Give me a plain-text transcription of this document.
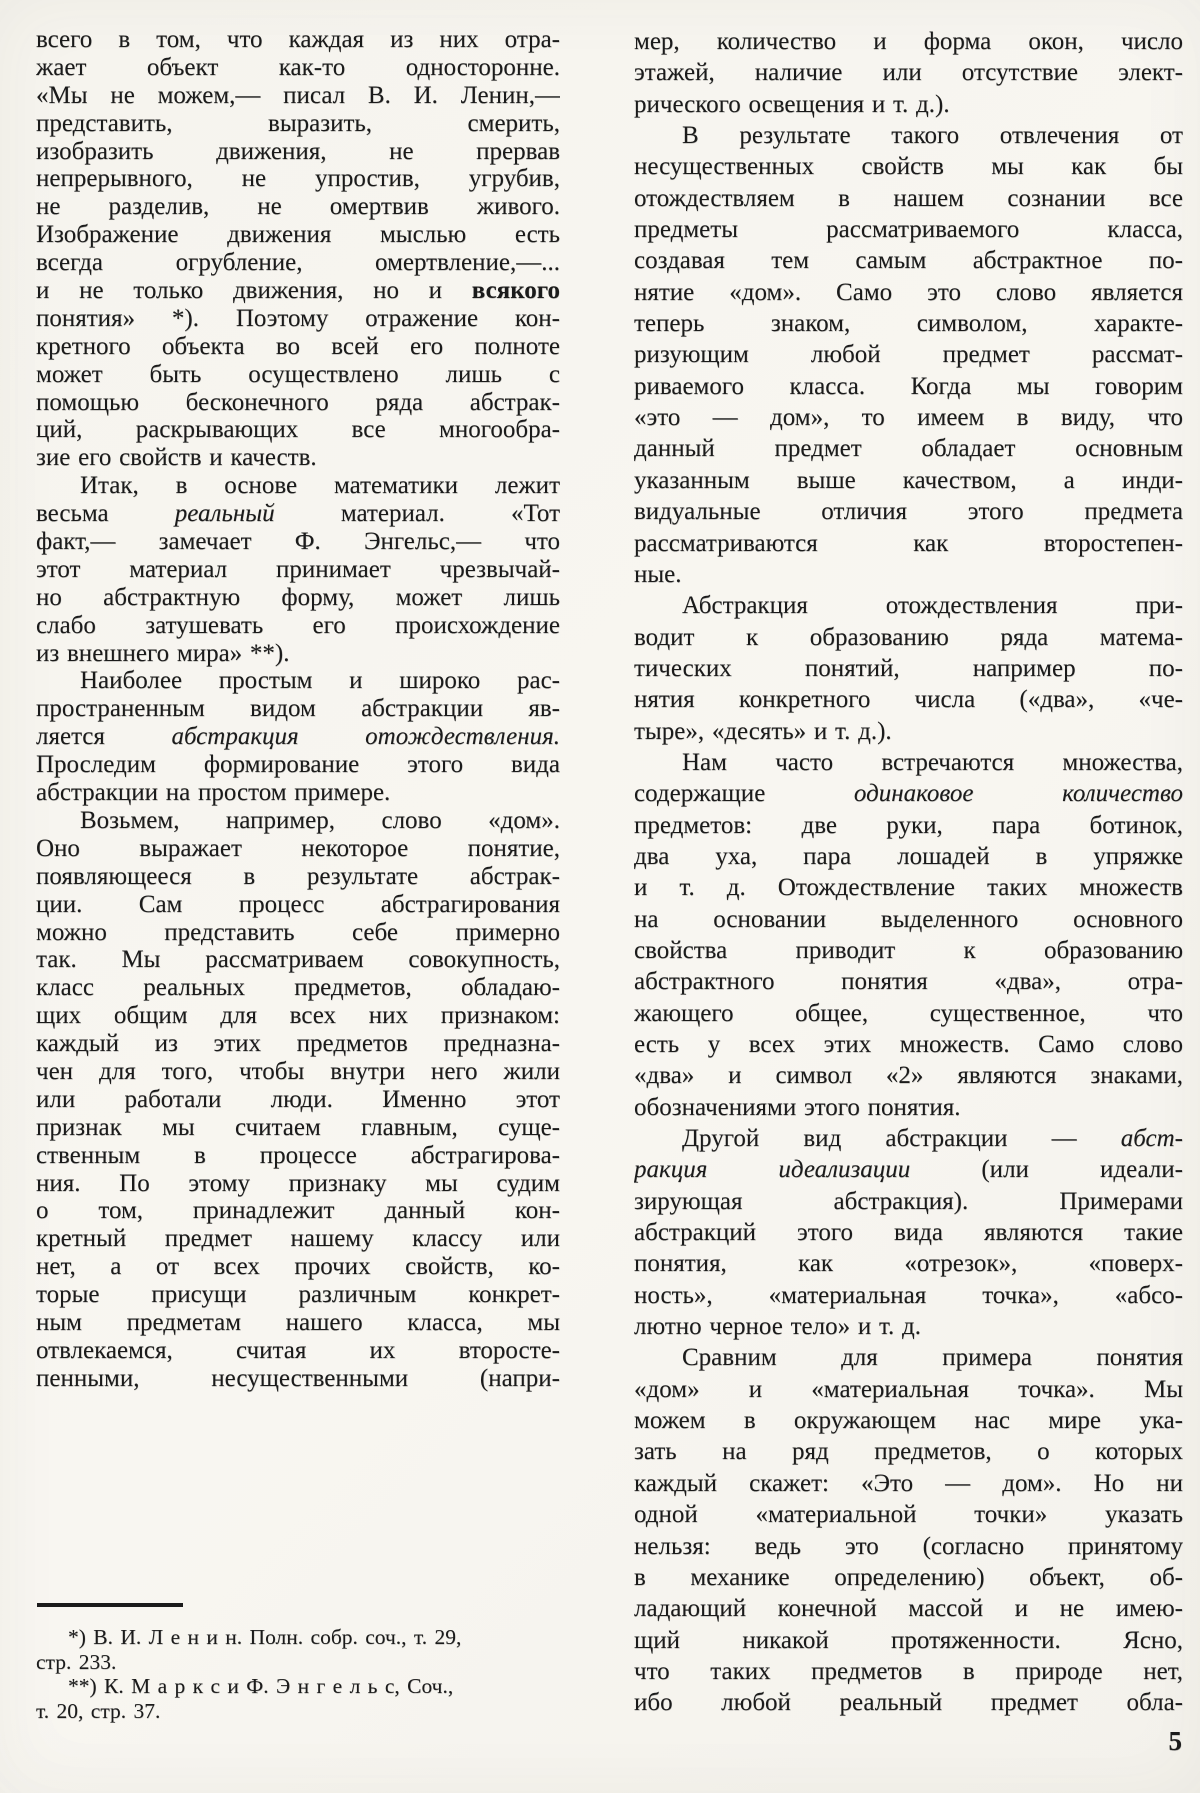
всего в том, что каждая из них отра-
жает объект как-то односторонне.
«Мы не можем,— писал В. И. Ленин,—
представить, выразить, смерить,
изобразить движения, не прервав
непрерывного, не упростив, угрубив,
не разделив, не омертвив живого.
Изображение движения мыслью есть
всегда огрубление, омертвление,—...
и не только движения, но и всякого
понятия» *). Поэтому отражение кон-
кретного объекта во всей его полноте
может быть осуществлено лишь с
помощью бесконечного ряда абстрак-
ций, раскрывающих все многообра-
зие его свойств и качеств.
Итак, в основе математики лежит
весьма реальный материал. «Тот
факт,— замечает Ф. Энгельс,— что
этот материал принимает чрезвычай-
но абстрактную форму, может лишь
слабо затушевать его происхождение
из внешнего мира» **).
Наиболее простым и широко рас-
пространенным видом абстракции яв-
ляется абстракция отождествления.
Проследим формирование этого вида
абстракции на простом примере.
Возьмем, например, слово «дом».
Оно выражает некоторое понятие,
появляющееся в результате абстрак-
ции. Сам процесс абстрагирования
можно представить себе примерно
так. Мы рассматриваем совокупность,
класс реальных предметов, обладаю-
щих общим для всех них признаком:
каждый из этих предметов предназна-
чен для того, чтобы внутри него жили
или работали люди. Именно этот
признак мы считаем главным, суще-
ственным в процессе абстрагирова-
ния. По этому признаку мы судим
о том, принадлежит данный кон-
кретный предмет нашему классу или
нет, а от всех прочих свойств, ко-
торые присущи различным конкрет-
ным предметам нашего класса, мы
отвлекаемся, считая их второсте-
пенными, несущественными (напри-
мер, количество и форма окон, число
этажей, наличие или отсутствие элект-
рического освещения и т. д.).
В результате такого отвлечения от
несущественных свойств мы как бы
отождествляем в нашем сознании все
предметы рассматриваемого класса,
создавая тем самым абстрактное по-
нятие «дом». Само это слово является
теперь знаком, символом, характе-
ризующим любой предмет рассмат-
риваемого класса. Когда мы говорим
«это — дом», то имеем в виду, что
данный предмет обладает основным
указанным выше качеством, а инди-
видуальные отличия этого предмета
рассматриваются как второстепен-
ные.
Абстракция отождествления при-
водит к образованию ряда матема-
тических понятий, например по-
нятия конкретного числа («два», «че-
тыре», «десять» и т. д.).
Нам часто встречаются множества,
содержащие одинаковое количество
предметов: две руки, пара ботинок,
два уха, пара лошадей в упряжке
и т. д. Отождествление таких множеств
на основании выделенного основного
свойства приводит к образованию
абстрактного понятия «два», отра-
жающего общее, существенное, что
есть у всех этих множеств. Само слово
«два» и символ «2» являются знаками,
обозначениями этого понятия.
Другой вид абстракции — абст-
ракция идеализации (или идеали-
зирующая абстракция). Примерами
абстракций этого вида являются такие
понятия, как «отрезок», «поверх-
ность», «материальная точка», «абсо-
лютно черное тело» и т. д.
Сравним для примера понятия
«дом» и «материальная точка». Мы
можем в окружающем нас мире ука-
зать на ряд предметов, о которых
каждый скажет: «Это — дом». Но ни
одной «материальной точки» указать
нельзя: ведь это (согласно принятому
в механике определению) объект, об-
ладающий конечной массой и не имею-
щий никакой протяженности. Ясно,
что таких предметов в природе нет,
ибо любой реальный предмет обла-
*) В. И. Л е н и н. Полн. собр. соч., т. 29,
стр. 233.
**) К. М а р к с и Ф. Э н г е л ь с, Соч.,
т. 20, стр. 37.
5
